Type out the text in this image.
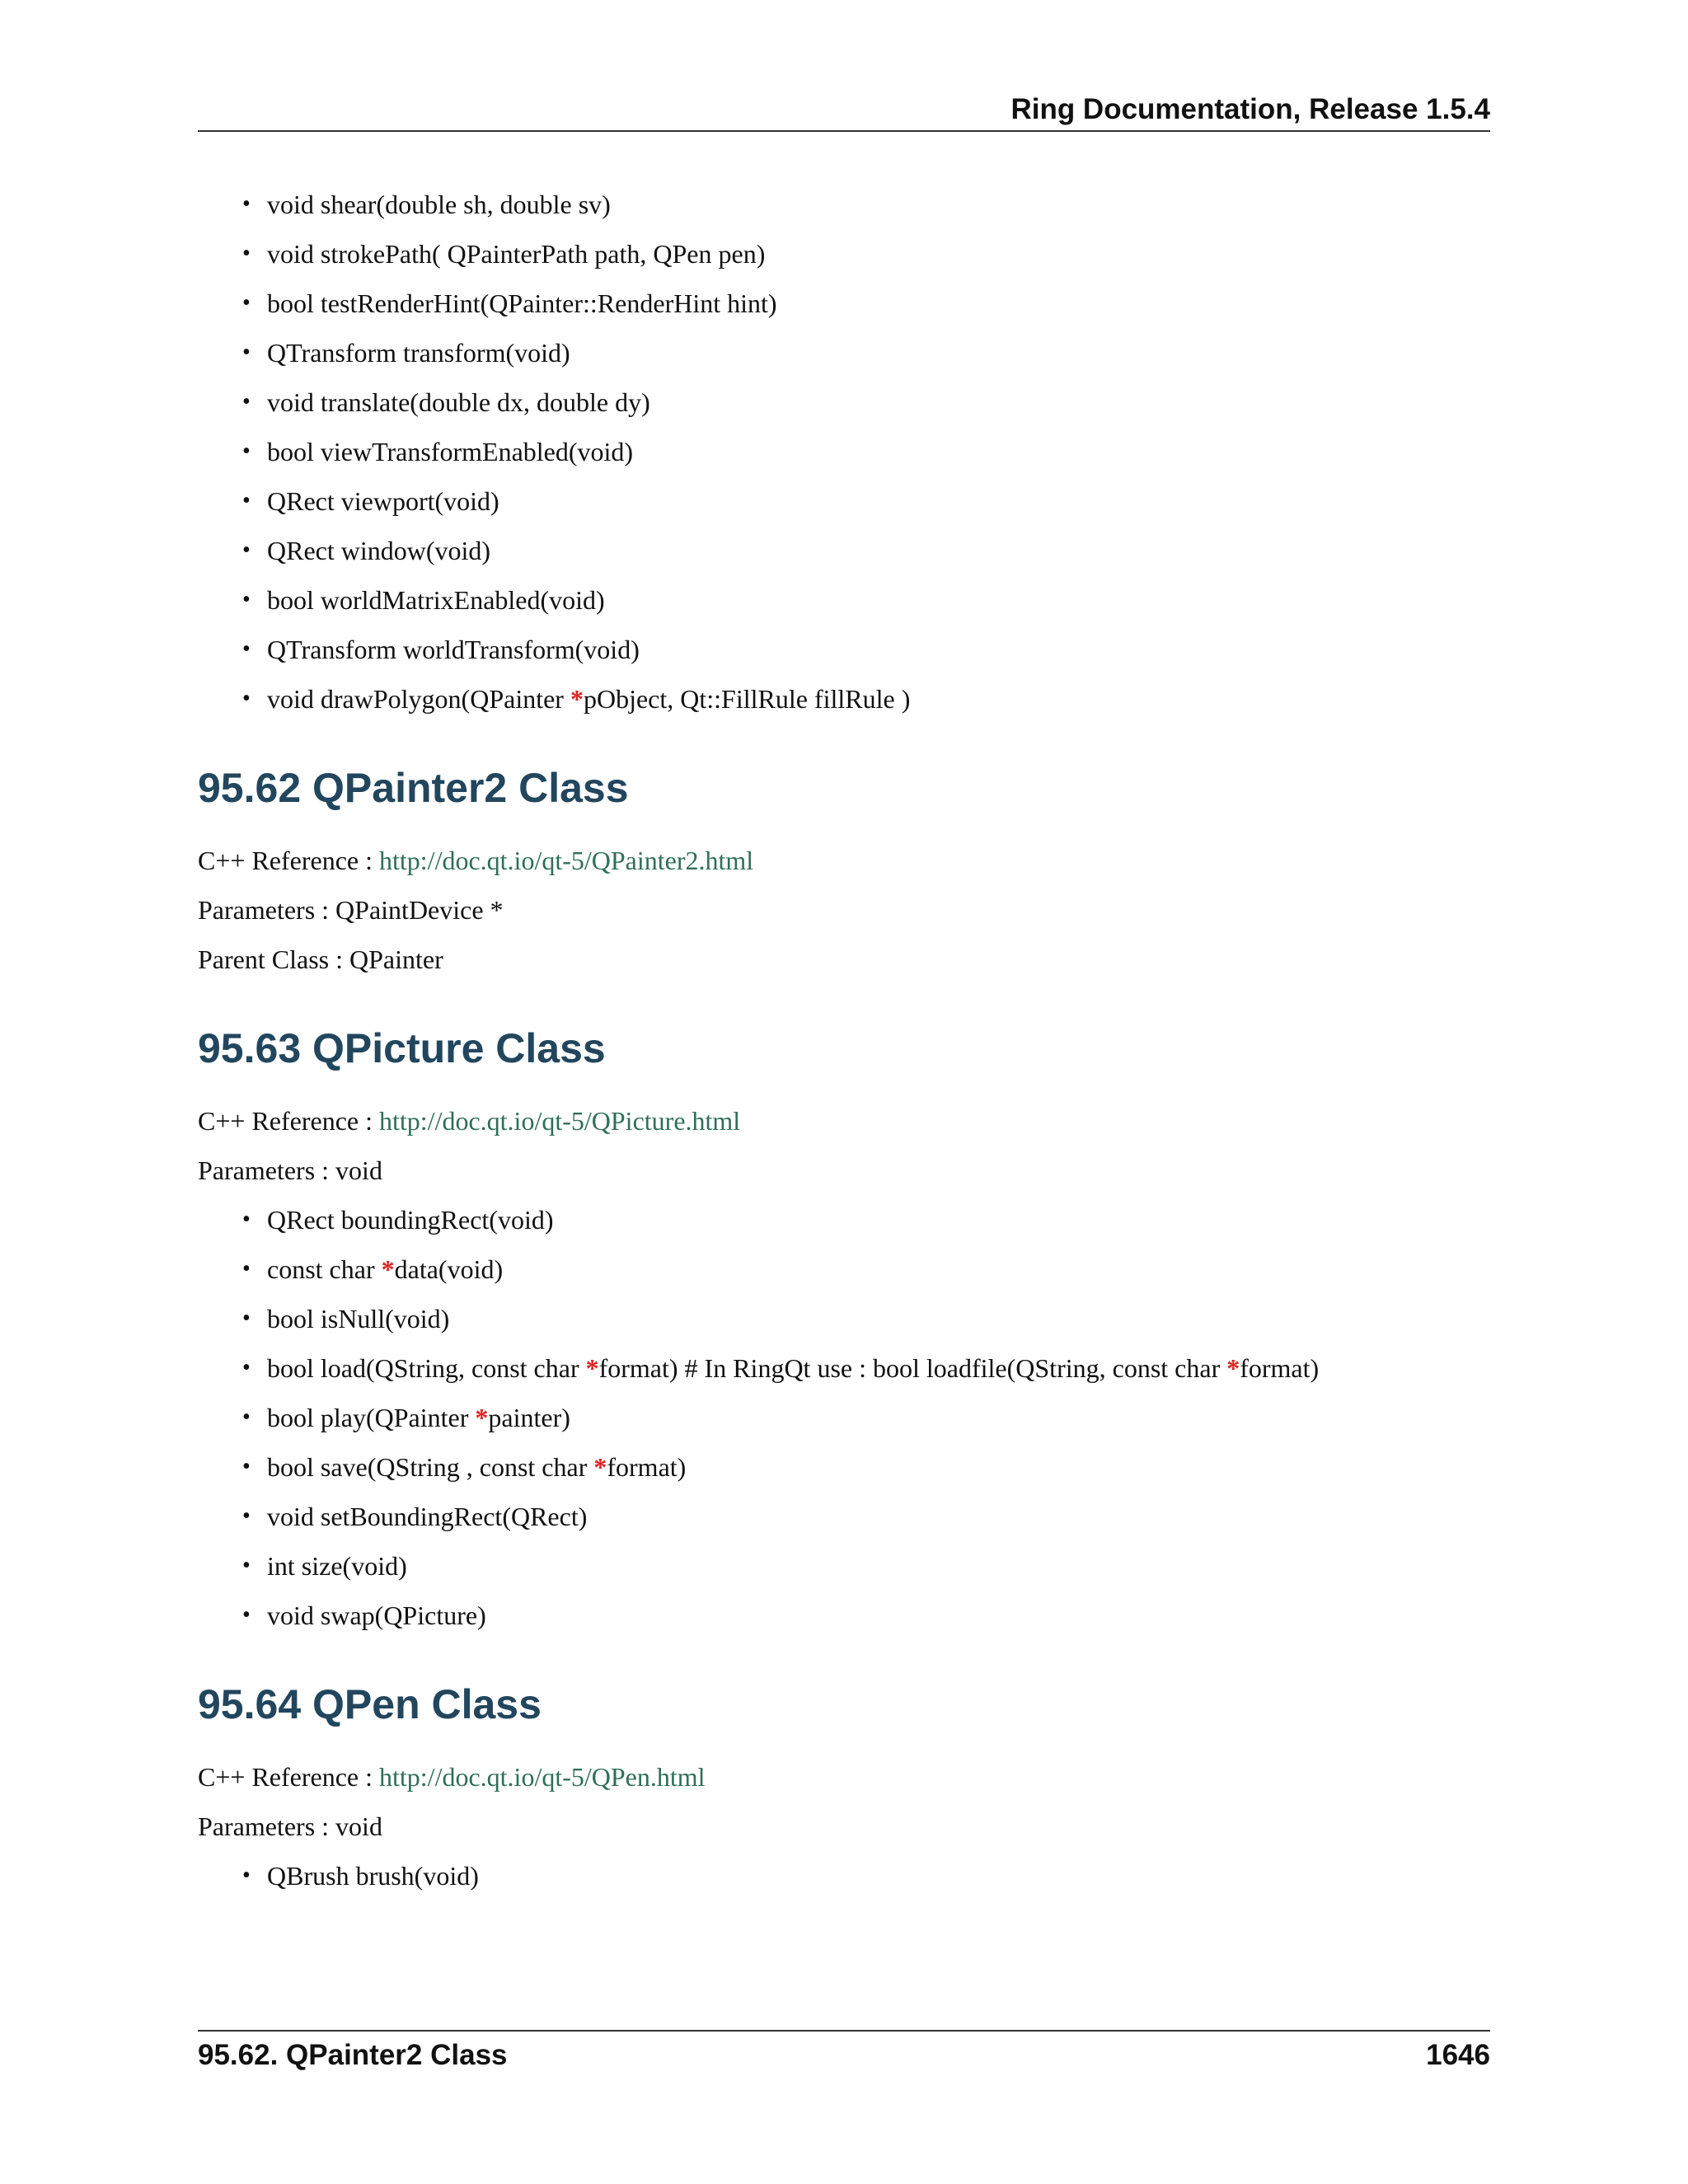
Ring Documentation, Release 1.5.4
• void shear(double sh, double sv)
• void strokePath( QPainterPath path, QPen pen)
• bool testRenderHint(QPainter::RenderHint hint)
• QTransform transform(void)
• void translate(double dx, double dy)
• bool viewTransformEnabled(void)
• QRect viewport(void)
• QRect window(void)
• bool worldMatrixEnabled(void)
• QTransform worldTransform(void)
• void drawPolygon(QPainter *pObject, Qt::FillRule fillRule )
95.62 QPainter2 Class

C++ Reference : http://doc.qt.io/qt-5/QPainter2.html

Parameters : QPaintDevice *

Parent Class : QPainter

95.63 QPicture Class

C++ Reference : http://doc.qt.io/qt-5/QPicture.html

Parameters : void

• QRect boundingRect(void)
• const char *data(void)
• bool isNull(void)
• bool load(QString, const char *format) # In RingQt use : bool loadfile(QString, const char *format)
• bool play(QPainter *painter)
• bool save(QString , const char *format)
• void setBoundingRect(QRect)
• int size(void)
• void swap(QPicture)
95.64 QPen Class

C++ Reference : http://doc.qt.io/qt-5/QPen.html

Parameters : void

• QBrush brush(void)
95.62. QPainter2 Class	1646
